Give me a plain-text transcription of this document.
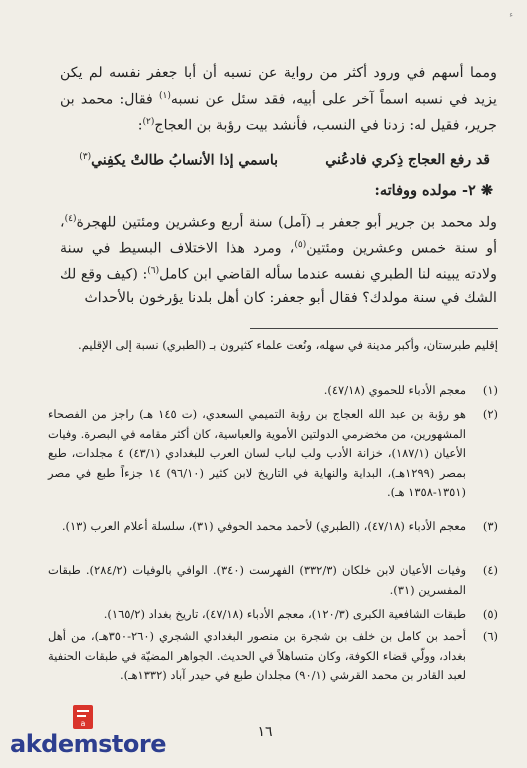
ء

ومما أسهم في ورود أكثر من رواية عن نسبه أن أبا جعفر نفسه لم يكن يزيد في نسبه اسماً آخر على أبيه، فقد سئل عن نسبه$^{(١)}$ فقال: محمد بن جرير، فقيل له: زدنا في النسب، فأنشد بيت رؤبة بن العجاج$^{(٢)}$:

قد رفع العجاج ذِكري فادعُني
باسمي إذا الأنسابُ طالتْ يكفِني$^{(٣)}$
❋ ٢- مولده ووفاته:

ولد محمد بن جرير أبو جعفر بـ (آمل) سنة أربع وعشرين ومئتين للهجرة$^{(٤)}$، أو سنة خمس وعشرين ومئتين$^{(٥)}$، ومرد هذا الاختلاف البسيط في سنة ولادته يبينه لنا الطبري نفسه عندما سأله القاضي ابن كامل$^{(٦)}$: (كيف وقع لك الشك في سنة مولدك؟ فقال أبو جعفر: كان أهل بلدنا يؤرخون بالأحداث

إقليم طبرستان، وأكبر مدينة في سهله، ونُعت علماء كثيرون بـ (الطبري) نسبة إلى الإقليم.
(١)
معجم الأدباء للحموي (٤٧/١٨).
(٢)
هو رؤبة بن عبد الله العجاج بن رؤبة التميمي السعدي، (ت ١٤٥ هـ) راجز من الفصحاء المشهورين، من مخضرمي الدولتين الأموية والعباسية، كان أكثر مقامه في البصرة. وفيات الأعيان (١٨٧/١)، خزانة الأدب ولب لباب لسان العرب للبغدادي (٤٣/١) ٤ مجلدات، طبع بمصر (١٢٩٩هـ)، البداية والنهاية في التاريخ لابن كثير (٩٦/١٠) ١٤ جزءاً طبع في مصر (١٣٥١-١٣٥٨ هـ).
(٣)
معجم الأدباء (٤٧/١٨)، (الطبري) لأحمد محمد الحوفي (٣١)، سلسلة أعلام العرب (١٣).
(٤)
وفيات الأعيان لابن خلكان (٣٣٢/٣) الفهرست (٣٤٠). الوافي بالوفيات (٢٨٤/٢). طبقات المفسرين (٣١).
(٥)
طبقات الشافعية الكبرى (١٢٠/٣)، معجم الأدباء (٤٧/١٨)، تاريخ بغداد (١٦٥/٢).
(٦)
أحمد بن كامل بن خلف بن شجرة بن منصور البغدادي الشجري (٢٦٠-٣٥٠هـ)، من أهل بغداد، وولّي قضاء الكوفة، وكان متساهلاً في الحديث. الجواهر المضيّة في طبقات الحنفية لعبد القادر بن محمد القرشي (٩٠/١) مجلدان طبع في حيدر آباد (١٣٣٢هـ).
١٦
a
akdemstore
